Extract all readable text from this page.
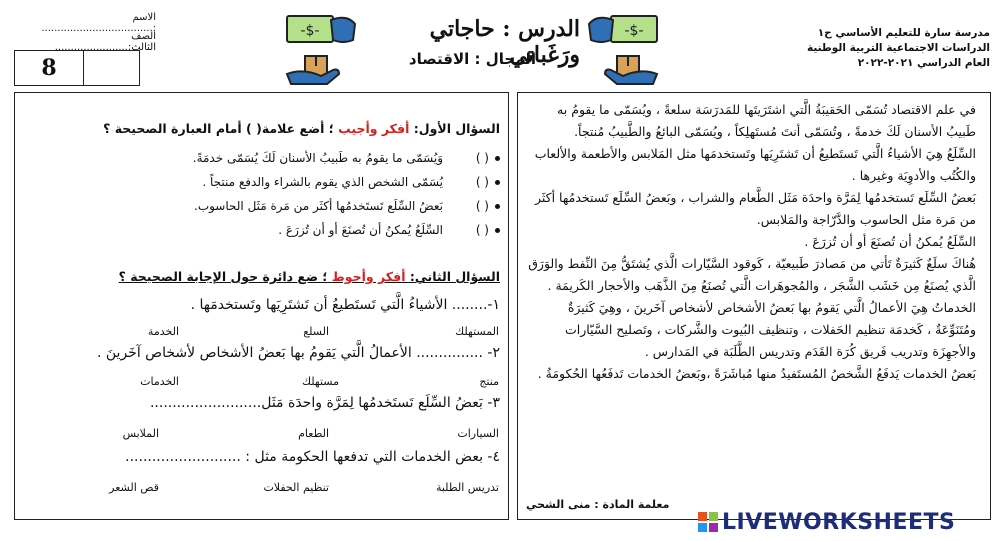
الاسم :...................................
الصف الثالث:.......................
8
-$-	-$-
الدرس : حاجاتي ورَغَباتي
المجال : الاقتصاد
مدرسة سارة للتعليم الأساسي ح١
الدراسات الاجتماعية التربية الوطنية
العام الدراسي ٢٠٢١-٢٠٢٢

في علم الاقتصاد تُسَمّى الحَقيبَةُ الَّتي اشتَرَيتَها للمَدرَسَة سلعةً ، ويُسَمّى ما يقومُ به طَبيبُ الأسنان لَكَ خدمةً ، وتُسَمّى أنتَ مُستَهلِكاً ، ويُسَمّى البائعُ والطَّبيبُ مُنتجاً.

السِّلَعُ هِيَ الأشياءُ الَّتي تَستَطيعُ أن تَشتَرِيَها وتَستخدمَها مثل المَلابس والأطعمة والألعاب والكُتُب والأدوِيَة وغيرها .

بَعضُ السِّلَع تَستخدمُها لِمَرَّة واحدَة مَثَل الطَّعام والشراب ، وبَعضُ السِّلَع تَستخدمُها أكثَر من مَرة مثل الحاسوب والدَّرّاجة والمَلابس.

السِّلَعُ يُمكنُ أن تُصنَعَ أو أن تُزرَعَ .

هُناكَ سلَعٌ كَثيرَةٌ تَأتي من مَصادرَ طَبيعيّة ، كَوقود السَّيّارات الَّذي يُشتَقُّ مِنَ النِّفط والوَرَق الَّذي يُصنَعُ مِن خَشَب الشَّجَر ، والمُجوهَرات الَّتي تُصنَعُ مِنَ الذَّهَب والأحجار الكَريمَة .

الخدماتُ هِيَ الأعمالُ الَّتي يَقومُ بها بَعضُ الأشخاص لأشخاص آخَرينَ ، وهِيَ كَثيرَةٌ ومُتَنَوِّعَةٌ ، كَخدمَة تنظيم الحَفلات ، وتنظيف البُيوت والشَّركات ، وتَصليح السَّيّارات والأجهِزَة وتدريب فَريق كُرَة القَدَم وتدريس الطَّلَبَة في المَدارس .

بَعضُ الخدمات يَدفَعُ الشَّخصُ المُستَفيدُ منها مُباشَرَةً ،وبَعضُ الخدمات تَدفَعُها الحُكومَةُ .

معلمة المادة : منى الشحي
السؤال الأول: أفكر وأجيب ؛ أضع علامة( ) أمام العبارة الصحيحة ؟
( )وَيُسَمّى ما يقومُ به طَبيبُ الأسنان لَكَ يُسَمّى خدمَةً.
( )يُسَمّى الشخص الذي يقوم بالشراء والدفع منتجاً .
( )بَعضُ السِّلَع تَستَخدمُها أكثَر من مَرة مَثَل الحاسوب.
( )السِّلَعُ يُمكنُ أن تُصنَعَ أو أن تُزرَعَ .
السؤال الثاني: أفكر وأحوط ؛ ضع دائرة حول الإجابة الصحيحة ؟
١-........ الأشياءُ الَّتي تَستَطيعُ أن تَشتَرِيَها وتَستخدمَها .
المستهلك
السلع
الخدمة
٢- ............... الأعمالُ الَّتي يَقومُ بها بَعضُ الأشخاص لأشخاص آخَرينَ .
منتج
مستهلك
الخدمات
٣- بَعضُ السِّلَع تَستَخدمُها لِمَرَّة واحدَة مَثَل.........................
السيارات
الطعام
الملابس
٤- بعض الخدمات التي تدفعها الحكومة مثل : ..........................
تدريس الطلبة
تنظيم الحفلات
قص الشعر
LIVEWORKSHEETS
